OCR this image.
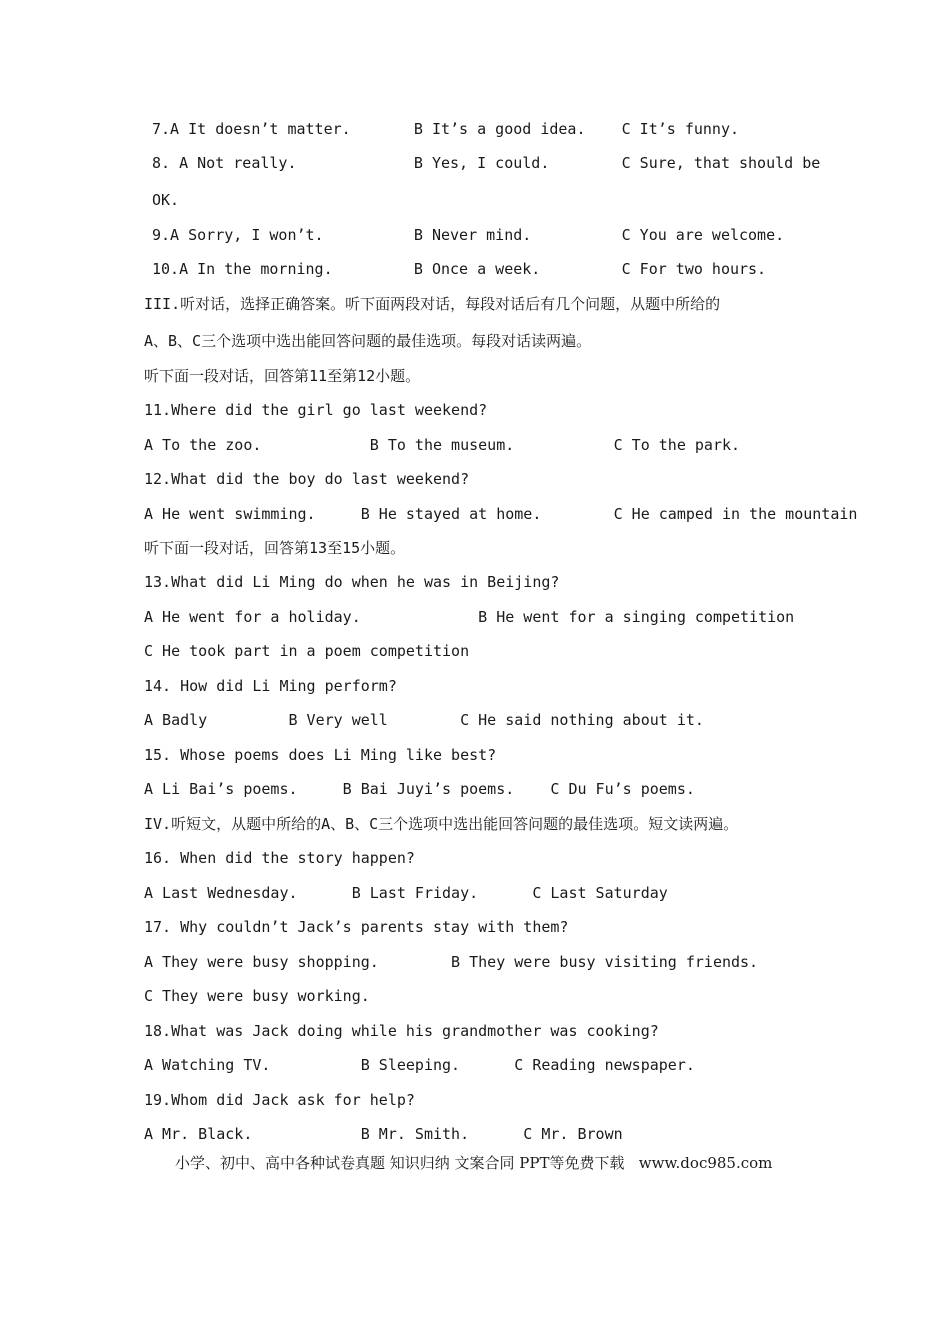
7.A It doesn’t matter.       B It’s a good idea.    C It’s funny.
8. A Not really.             B Yes, I could.        C Sure, that should be
OK.
9.A Sorry, I won’t.          B Never mind.          C You are welcome.
10.A In the morning.         B Once a week.         C For two hours.
III.听对话，选择正确答案。听下面两段对话，每段对话后有几个问题，从题中所给的
A、B、C三个选项中选出能回答问题的最佳选项。每段对话读两遍。
听下面一段对话，回答第11至第12小题。
11.Where did the girl go last weekend?
A To the zoo.            B To the museum.           C To the park.
12.What did the boy do last weekend?
A He went swimming.     B He stayed at home.        C He camped in the mountain
听下面一段对话，回答第13至15小题。
13.What did Li Ming do when he was in Beijing?
A He went for a holiday.             B He went for a singing competition
C He took part in a poem competition
14. How did Li Ming perform?
A Badly         B Very well        C He said nothing about it.
15. Whose poems does Li Ming like best?
A Li Bai’s poems.     B Bai Juyi’s poems.    C Du Fu’s poems.
IV.听短文，从题中所给的A、B、C三个选项中选出能回答问题的最佳选项。短文读两遍。
16. When did the story happen?
A Last Wednesday.      B Last Friday.      C Last Saturday
17. Why couldn’t Jack’s parents stay with them?
A They were busy shopping.        B They were busy visiting friends.
C They were busy working.
18.What was Jack doing while his grandmother was cooking?
A Watching TV.          B Sleeping.      C Reading newspaper.
19.Whom did Jack ask for help?
A Mr. Black.            B Mr. Smith.      C Mr. Brown
小学、初中、高中各种试卷真题 知识归纳 文案合同 PPT等免费下载   www.doc985.com
